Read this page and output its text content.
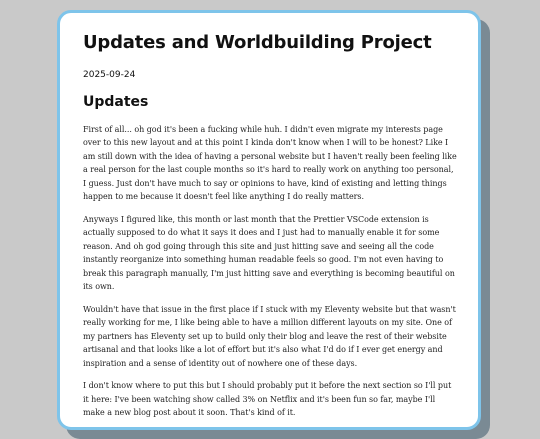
Updates and Worldbuilding Project
2025-09-24
Updates

First of all... oh god it's been a fucking while huh. I didn't even migrate my interests page over to this new layout and at this point I kinda don't know when I will to be honest? Like I am still down with the idea of having a personal website but I haven't really been feeling like a real person for the last couple months so it's hard to really work on anything too personal, I guess. Just don't have much to say or opinions to have, kind of existing and letting things happen to me because it doesn't feel like anything I do really matters.

Anyways I figured like, this month or last month that the Prettier VSCode extension is actually supposed to do what it says it does and I just had to manually enable it for some reason. And oh god going through this site and just hitting save and seeing all the code instantly reorganize into something human readable feels so good. I'm not even having to break this paragraph manually, I'm just hitting save and everything is becoming beautiful on its own.

Wouldn't have that issue in the first place if I stuck with my Eleventy website but that wasn't really working for me, I like being able to have a million different layouts on my site. One of my partners has Eleventy set up to build only their blog and leave the rest of their website artisanal and that looks like a lot of effort but it's also what I'd do if I ever get energy and inspiration and a sense of identity out of nowhere one of these days.

I don't know where to put this but I should probably put it before the next section so I'll put it here: I've been watching show called 3% on Netflix and it's been fun so far, maybe I'll make a new blog post about it soon. That's kind of it.
